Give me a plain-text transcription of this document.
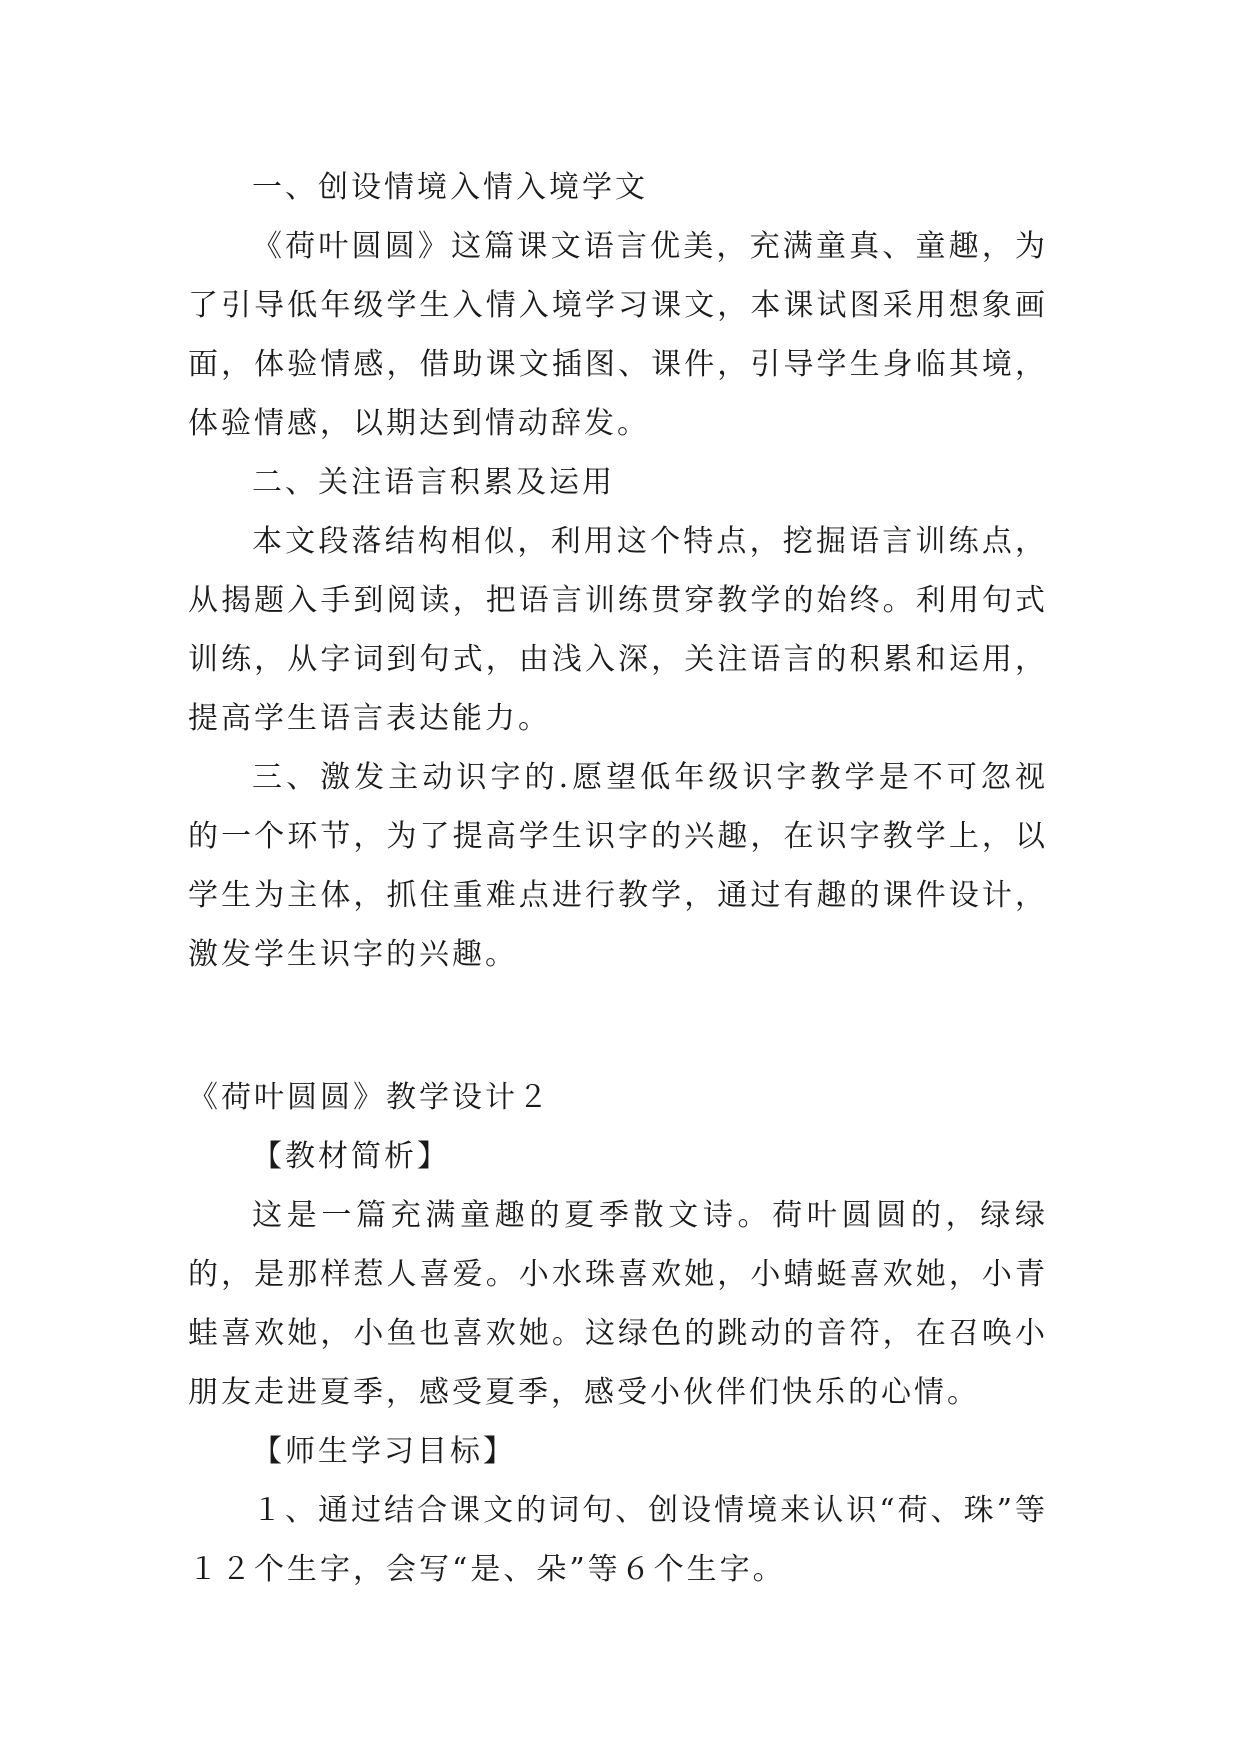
一、创设情境入情入境学文

《荷叶圆圆》这篇课文语言优美，充满童真、童趣，为了引导低年级学生入情入境学习课文，本课试图采用想象画面，体验情感，借助课文插图、课件，引导学生身临其境，体验情感，以期达到情动辞发。

二、关注语言积累及运用

本文段落结构相似，利用这个特点，挖掘语言训练点，从揭题入手到阅读，把语言训练贯穿教学的始终。利用句式训练，从字词到句式，由浅入深，关注语言的积累和运用，提高学生语言表达能力。

三、激发主动识字的.愿望低年级识字教学是不可忽视的一个环节，为了提高学生识字的兴趣，在识字教学上，以学生为主体，抓住重难点进行教学，通过有趣的课件设计，激发学生识字的兴趣。

《荷叶圆圆》教学设计２

【教材简析】

这是一篇充满童趣的夏季散文诗。荷叶圆圆的，绿绿的，是那样惹人喜爱。小水珠喜欢她，小蜻蜓喜欢她，小青蛙喜欢她，小鱼也喜欢她。这绿色的跳动的音符，在召唤小朋友走进夏季，感受夏季，感受小伙伴们快乐的心情。

【师生学习目标】

１、通过结合课文的词句、创设情境来认识“荷、珠”等１２个生字，会写“是、朵”等６个生字。
